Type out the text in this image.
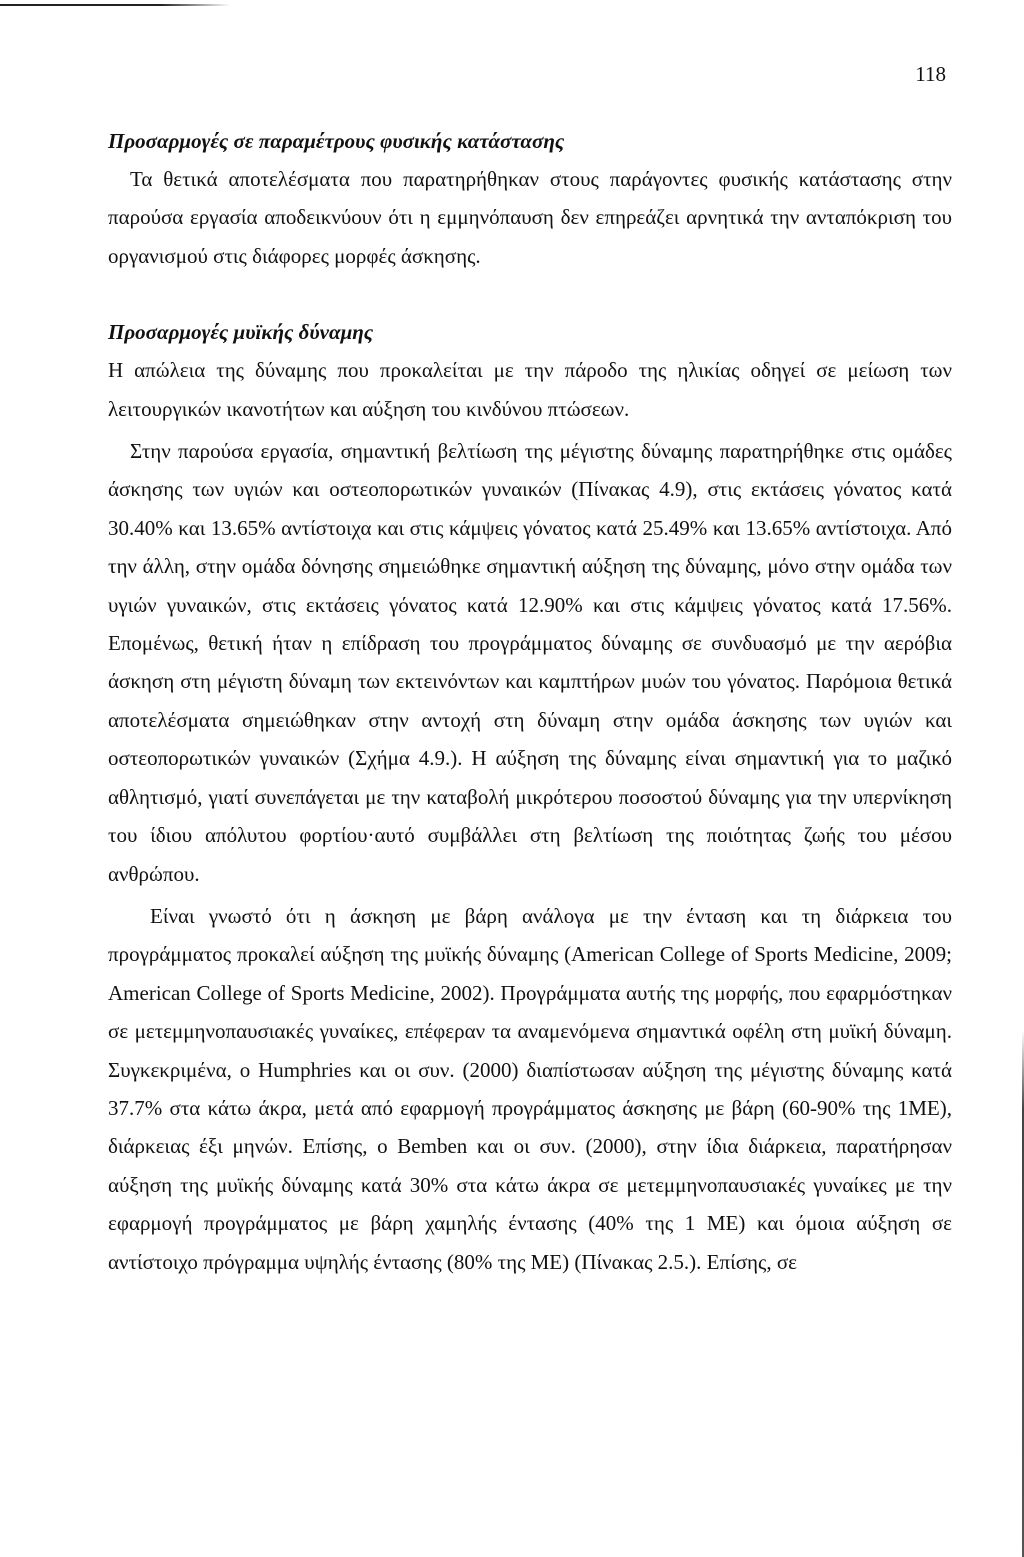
118

Προσαρμογές σε παραμέτρους φυσικής κατάστασης

Τα θετικά αποτελέσματα που παρατηρήθηκαν στους παράγοντες φυσικής κατάστασης στην παρούσα εργασία αποδεικνύουν ότι η εμμηνόπαυση δεν επηρεάζει αρνητικά την ανταπόκριση του οργανισμού στις διάφορες μορφές άσκησης.

Προσαρμογές μυϊκής δύναμης

Η απώλεια της δύναμης που προκαλείται με την πάροδο της ηλικίας οδηγεί σε μείωση των λειτουργικών ικανοτήτων και αύξηση του κινδύνου πτώσεων.

Στην παρούσα εργασία, σημαντική βελτίωση της μέγιστης δύναμης παρατηρήθηκε στις ομάδες άσκησης των υγιών και οστεοπορωτικών γυναικών (Πίνακας 4.9), στις εκτάσεις γόνατος κατά 30.40% και 13.65% αντίστοιχα και στις κάμψεις γόνατος κατά 25.49% και 13.65% αντίστοιχα. Από την άλλη, στην ομάδα δόνησης σημειώθηκε σημαντική αύξηση της δύναμης, μόνο στην ομάδα των υγιών γυναικών, στις εκτάσεις γόνατος κατά 12.90% και στις κάμψεις γόνατος κατά 17.56%. Επομένως, θετική ήταν η επίδραση του προγράμματος δύναμης σε συνδυασμό με την αερόβια άσκηση στη μέγιστη δύναμη των εκτεινόντων και καμπτήρων μυών του γόνατος. Παρόμοια θετικά αποτελέσματα σημειώθηκαν στην αντοχή στη δύναμη στην ομάδα άσκησης των υγιών και οστεοπορωτικών γυναικών (Σχήμα 4.9.). Η αύξηση της δύναμης είναι σημαντική για το μαζικό αθλητισμό, γιατί συνεπάγεται με την καταβολή μικρότερου ποσοστού δύναμης για την υπερνίκηση του ίδιου απόλυτου φορτίου·αυτό συμβάλλει στη βελτίωση της ποιότητας ζωής του μέσου ανθρώπου.

Είναι γνωστό ότι η άσκηση με βάρη ανάλογα με την ένταση και τη διάρκεια του προγράμματος προκαλεί αύξηση της μυϊκής δύναμης (American College of Sports Medicine, 2009; American College of Sports Medicine, 2002). Προγράμματα αυτής της μορφής, που εφαρμόστηκαν σε μετεμμηνοπαυσιακές γυναίκες, επέφεραν τα αναμενόμενα σημαντικά οφέλη στη μυϊκή δύναμη. Συγκεκριμένα, ο Humphries και οι συν. (2000) διαπίστωσαν αύξηση της μέγιστης δύναμης κατά 37.7% στα κάτω άκρα, μετά από εφαρμογή προγράμματος άσκησης με βάρη (60-90% της 1ΜΕ), διάρκειας έξι μηνών. Επίσης, ο Bemben και οι συν. (2000), στην ίδια διάρκεια, παρατήρησαν αύξηση της μυϊκής δύναμης κατά 30% στα κάτω άκρα σε μετεμμηνοπαυσιακές γυναίκες με την εφαρμογή προγράμματος με βάρη χαμηλής έντασης (40% της 1 ΜΕ) και όμοια αύξηση σε αντίστοιχο πρόγραμμα υψηλής έντασης (80% της ΜΕ) (Πίνακας 2.5.). Επίσης, σε
